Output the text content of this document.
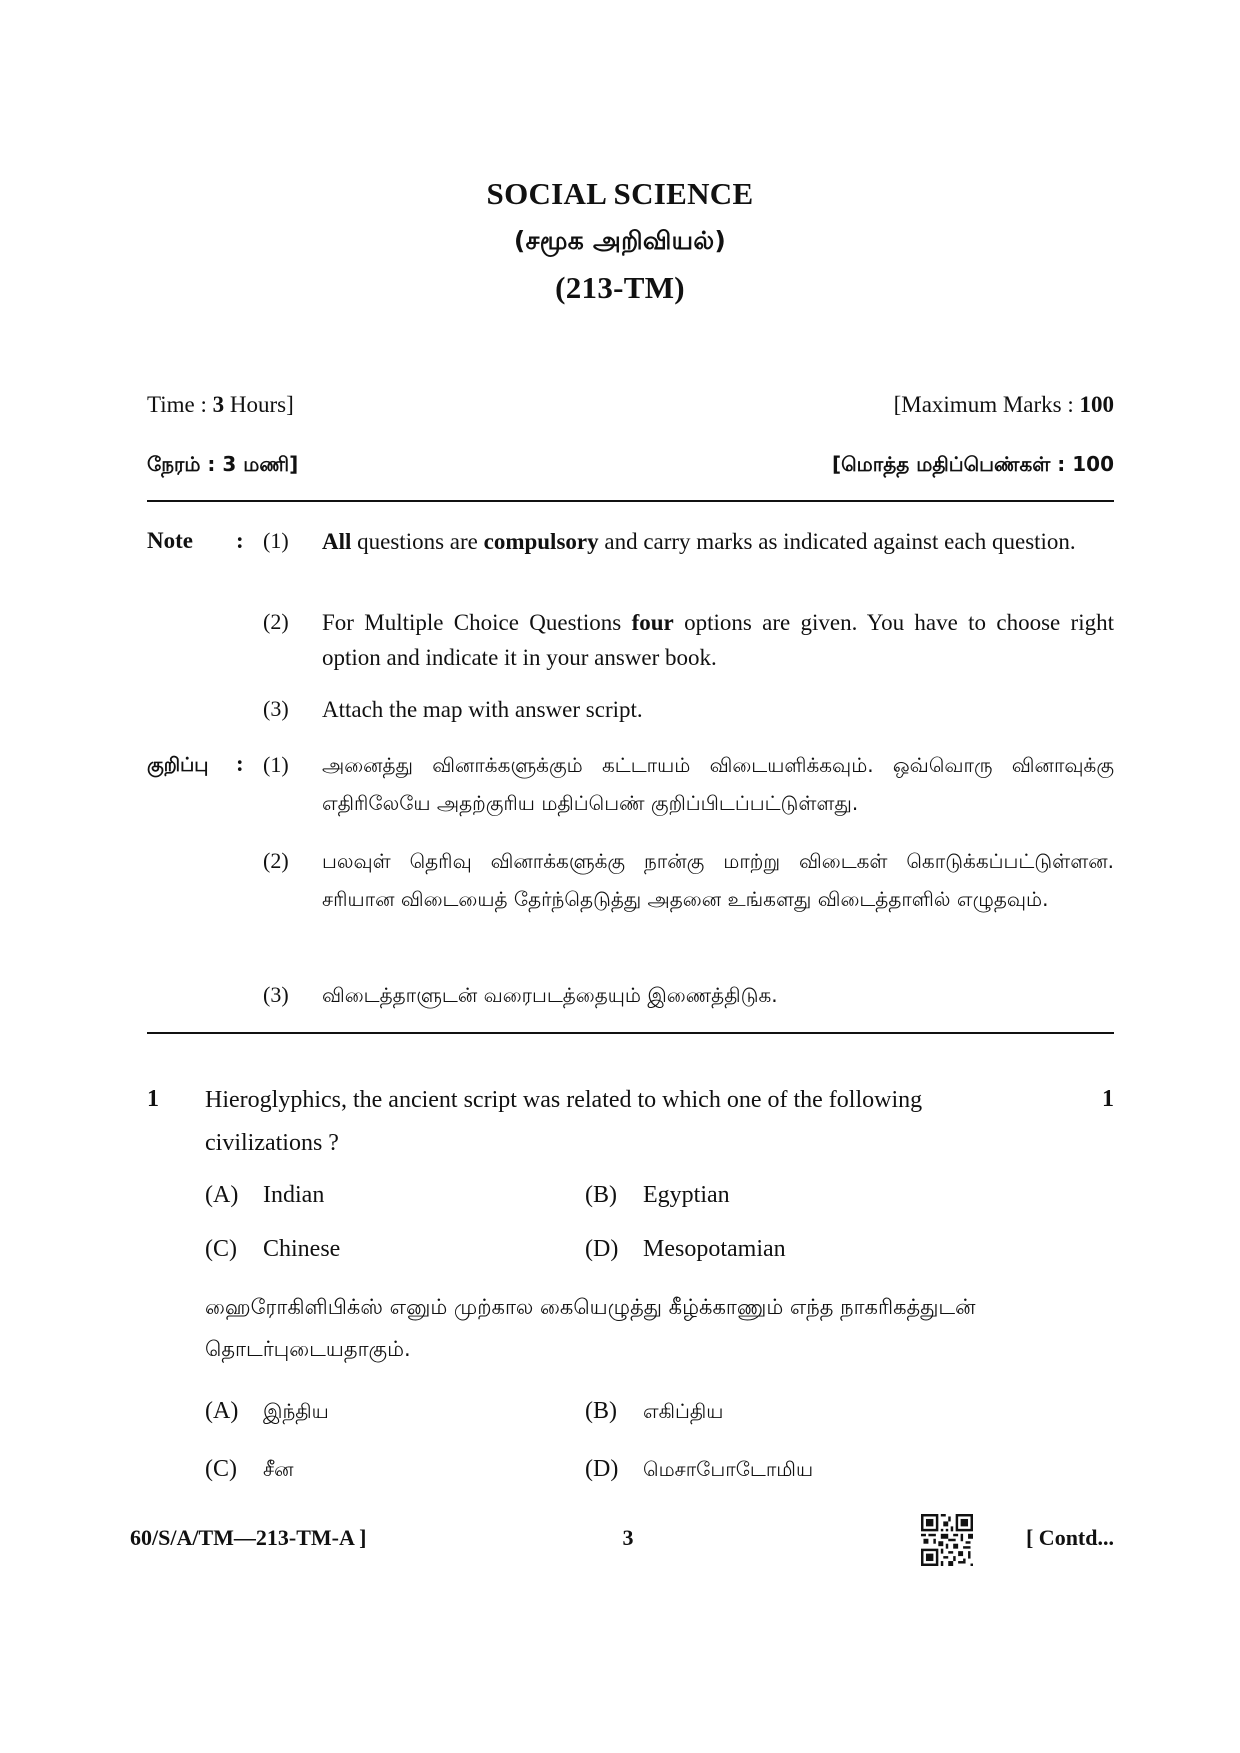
SOCIAL SCIENCE
(சமூக அறிவியல்)
(213-TM)
Time : 3 Hours]	[Maximum Marks : 100
நேரம் : 3 மணி]	[மொத்த மதிப்பெண்கள் : 100
Note : (1) All questions are compulsory and carry marks as indicated against each question.
(2) For Multiple Choice Questions four options are given. You have to choose right option and indicate it in your answer book.
(3) Attach the map with answer script.
குறிப்பு : (1) அனைத்து வினாக்களுக்கும் கட்டாயம் விடையளிக்கவும். ஒவ்வொரு வினாவுக்கு எதிரிலேயே அதற்குரிய மதிப்பெண் குறிப்பிடப்பட்டுள்ளது.
(2) பலவுள் தெரிவு வினாக்களுக்கு நான்கு மாற்று விடைகள் கொடுக்கப்பட்டுள்ளன. சரியான விடையைத் தேர்ந்தெடுத்து அதனை உங்களது விடைத்தாளில் எழுதவும்.
(3) விடைத்தாளுடன் வரைபடத்தையும் இணைத்திடுக.
1 Hieroglyphics, the ancient script was related to which one of the following civilizations ?
1
(A) Indian	(B) Egyptian
(C) Chinese	(D) Mesopotamian
ஹைரோகிளிபிக்ஸ் எனும் முற்கால கையெழுத்து கீழ்க்காணும் எந்த நாகரிகத்துடன் தொடர்புடையதாகும்.
(A) இந்திய	(B) எகிப்திய
(C) சீன	(D) மெசாபோடோமிய
60/S/A/TM—213-TM-A ]	3	[ Contd...
